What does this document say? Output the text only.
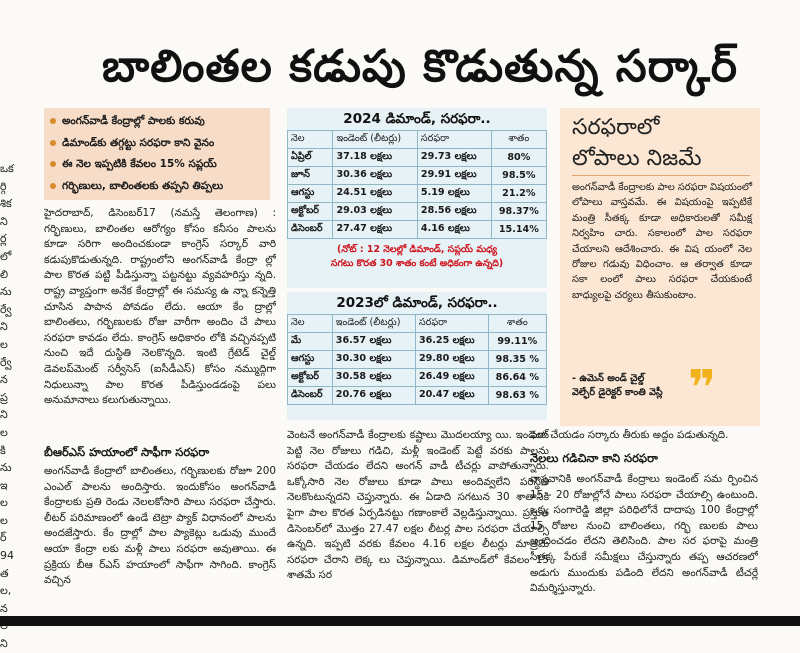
బాలింతల కడుపు కొడుతున్న సర్కార్
ఒక
ర్గి
శిక
ని
ర్ల
లో
లి
ను
ర్వే
ని
ల
ర్వే
న
ప్ర
ని
ల
కి
ను
ఇ
ల
ల
ర్
94
త
ల,
న
ని
అంగన్‌వాడీ కేంద్రాల్లో పాలకు కరువు
డిమాండ్‌కు తగ్గట్టు సరఫరా కాని వైనం
ఈ నెల ఇప్పటికి కేవలం 15% సప్లయ్
గర్భిణులు, బాలింతలకు తప్పని తిప్పలు

హైదరాబాద్, డిసెంబర్17 (నమస్తే తెలంగాణ) : గర్భిణులు, బాలింతల ఆరోగ్యం కోసం కనీసం పాలను కూడా సరిగా అందించకుండా కాంగ్రెస్ సర్కార్ వారి కడుపుకొడుతున్నది. రాష్ట్రంలోని అంగన్‌వాడీ కేంద్రా ల్లో పాల కొరత పట్టి పీడిస్తున్నా పట్టనట్టు వ్యవహరిస్తు న్నది. రాష్ట్ర వ్యాప్తంగా అనేక కేంద్రాల్లో ఈ సమస్య ఉ న్నా కన్నెత్తి చూసిన పాపాన పోవడం లేదు. ఆయా కేం ద్రాల్లో బాలింతలు, గర్భిణులకు రోజు వారీగా అందిం చే పాలు సరఫరా కావడం లేదు. కాంగ్రెస్ అధికారం లోకి వచ్చినప్పటి నుంచి ఇదే దుస్థితి నెలకొన్నది. ఇంటి గ్రేటెడ్ చైల్డ్ డెవలప్‌మెంట్ సర్వీసెస్ (ఐసీడీఎస్) కోసం నమ్ముద్గిగా నిధులున్నా పాల కొరత పీడిస్తుండడంపై పలు అనుమానాలు కలుగుతున్నాయి.

బీఆర్‌ఎస్ హయాంలో సాఫీగా సరఫరా

అంగన్‌వాడీ కేంద్రాలో బాలింతలు, గర్భిణులకు రోజూ 200 ఎంఎల్ పాలను అందిస్తారు. ఇందుకోసం అంగన్‌వాడీ కేంద్రాలకు ప్రతి రెండు నెలలకోసారి పాలు సరఫరా చేస్తారు. లీటర్ పరిమాణంలో ఉండే టెట్రా ప్యాక్ విధానంలో పాలను అందజేస్తారు. కేం ద్రాల్లో పాల ప్యాకెట్లు ఒడువు ముందే ఆయా కేంద్రా లకు మళ్లీ పాలు సరఫరా అవుతాయి. ఈ ప్రక్రియ బీఆ ర్‌ఎస్ హయాంలో సాఫీగా సాగింది. కాంగ్రెస్ వచ్చిన

2024 డిమాండ్, సరఫరా..
నెల	ఇండెంట్ (లీటర్లు)	సరఫరా	శాతం
ఏప్రిల్	37.18 లక్షలు	29.73 లక్షలు	80%
జూన్	30.36 లక్షలు	29.91 లక్షలు	98.5%
ఆగస్టు	24.51 లక్షలు	5.19 లక్షలు	21.2%
అక్టోబర్	29.03 లక్షలు	28.56 లక్షలు	98.37%
డిసెంబర్	27.47 లక్షలు	4.16 లక్షలు	15.14%
(నోట్ : 12 నెలల్లో డిమాండ్, సప్లయ్ మధ్య
సగటు కొరత 30 శాతం కంటే అధికంగా ఉన్నది)
2023లో డిమాండ్, సరఫరా..
నెల	ఇండెంట్ (లీటర్లు)	సరఫరా	శాతం
మే	36.57 లక్షలు	36.25 లక్షలు	99.11%
ఆగస్టు	30.30 లక్షలు	29.80 లక్షలు	98.35 %
అక్టోబర్	30.58 లక్షలు	26.49 లక్షలు	86.64 %
డిసెంబర్	20.76 లక్షలు	20.47 లక్షలు	98.63 %
సరఫరాలో
లోపాలు నిజమే
అంగన్‌వాడీ కేంద్రాలకు పాల సరఫరా విషయంలో లోపాలు వాస్తవమే. ఈ విషయంపై ఇప్పటికే మంత్రి సీతక్క కూడా అధికారులతో సమీక్ష నిర్వహిం చారు. సకాలంలో పాల సరఫరా చేయాలని ఆదేశించారు. ఈ విష యంలో నెల రోజుల గడువు విధించాం. ఆ తర్వాత కూడా సకా లంలో పాలు సరఫరా చేయకుంటే బాధ్యులపై చర్యలు తీసుకుంటాం.
- ఉమెన్ అండ్ చైల్డ్
వెల్ఫేర్ డైరెక్టర్ కాంతి వెస్లీ ❞

వెంటనే అంగన్‌వాడీ కేంద్రాలకు కష్టాలు మొదలయ్యా యి. ఇండెంట్ పెట్టి నెల రోజులు గడిచి, మళ్లీ ఇండెంట్ పెట్టే వరకు పాలను సరఫరా చేయడం లేదని అంగన్ వాడీ టీచర్లు వాపోతున్నారు. ఒక్కోసారి నెల రోజులు కూడా పాలు అందివ్వలేని పరిస్థితి నెలకొంటున్నదని చెప్తున్నారు. ఈ ఏడాది సగటున 30 శాతానికి పైగా పాల కొరత ఏర్పడినట్టు గణాంకాలే వెల్లడిస్తున్నాయి. ప్రస్తుత డిసెంబర్‌లో మొత్తం 27.47 లక్షల లీటర్ల పాల సరఫరా చేయాల్సి ఉన్నది. ఇప్పటి వరకు కేవలం 4.16 లక్షల లీటర్లు మాత్రమే సరఫరా చేరాని లెక్క లు చెప్తున్నాయి. డిమాండ్‌లో కేవలం 15 శాతమే సర

ఫరా చేయడం సర్కారు తీరుకు అద్దం పడుతున్నది.
నెలలు గడిచినా కాని సరఫరా

వాస్తవానికి అంగన్‌వాడీ కేంద్రాలు ఇండెంట్ సమ ర్పించిన 15 - 20 రోజుల్లోనే పాలు సరఫరా చేయాల్సి ఉంటుంది. ఒక్క సంగారెడ్డి జిల్లా పరిధిలోనే దాదాపు 100 కేంద్రాల్లో 15 రోజుల నుంచి బాలింతలు, గర్భి ణులకు పాలు అందించడం లేదని తెలిసింది. పాల సర ఫరాపై మంత్రి సీతక్క పేరుకే సమీక్షలు చేస్తున్నారు తప్ప ఆచరణలో అడుగు ముందుకు పడింది లేదని అంగన్‌వాడీ టీచర్లే విమర్శిస్తున్నారు.
